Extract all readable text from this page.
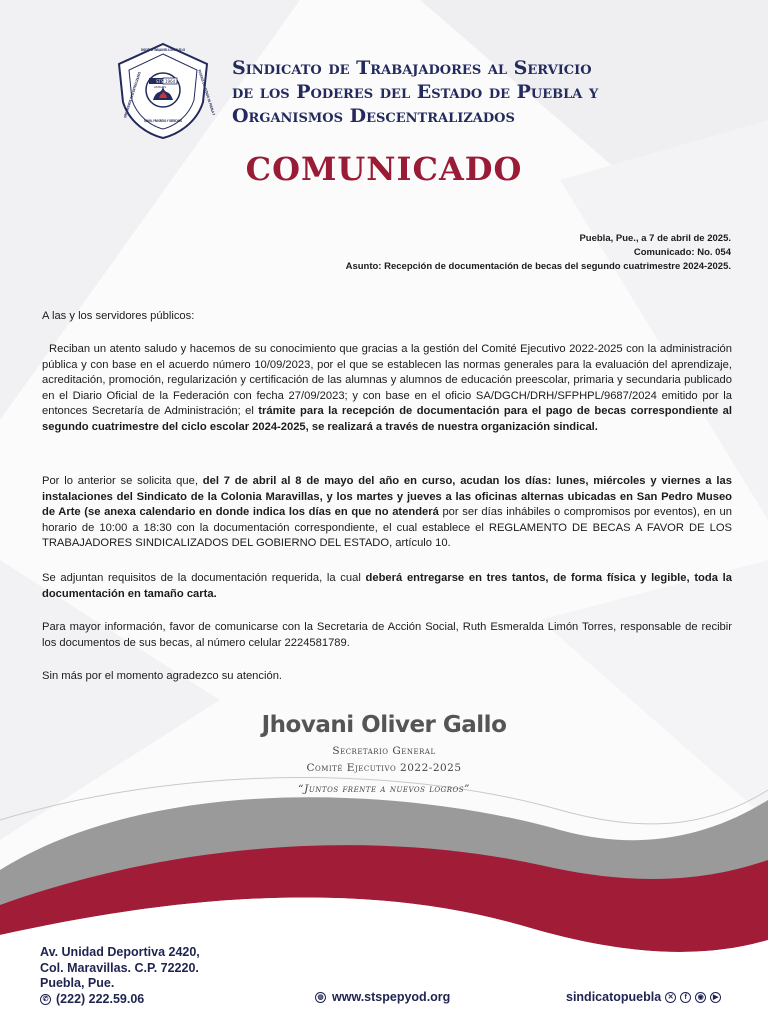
STSE
1964
AMIGOS
SINDICATO DE TRABAJADORES AL SERVICIO DE LOS
ORGANISMOS DESCENTRALIZADOS	PODERES DEL ESTADO DE PUEBLA Y
UNIÓN, PROGRESO Y DERECHOS
Sindicato de Trabajadores al Servicio
de los Poderes del Estado de Puebla y
Organismos Descentralizados
COMUNICADO
Puebla, Pue., a 7 de abril de 2025.
Comunicado: No. 054
Asunto: Recepción de documentación de becas del segundo cuatrimestre 2024-2025.
A las y los servidores públicos:
Reciban un atento saludo y hacemos de su conocimiento que gracias a la gestión del Comité Ejecutivo 2022-2025 con la administración pública y con base en el acuerdo número 10/09/2023, por el que se establecen las normas generales para la evaluación del aprendizaje, acreditación, promoción, regularización y certificación de las alumnas y alumnos de educación preescolar, primaria y secundaria publicado en el Diario Oficial de la Federación con fecha 27/09/2023; y con base en el oficio SA/DGCH/DRH/SFPHPL/9687/2024 emitido por la entonces Secretaría de Administración; el trámite para la recepción de documentación para el pago de becas correspondiente al segundo cuatrimestre del ciclo escolar 2024-2025, se realizará a través de nuestra organización sindical.
Por lo anterior se solicita que, del 7 de abril al 8 de mayo del año en curso, acudan los días: lunes, miércoles y viernes a las instalaciones del Sindicato de la Colonia Maravillas, y los martes y jueves a las oficinas alternas ubicadas en San Pedro Museo de Arte (se anexa calendario en donde indica los días en que no atenderá por ser días inhábiles o compromisos por eventos), en un horario de 10:00 a 18:30 con la documentación correspondiente, el cual establece el REGLAMENTO DE BECAS A FAVOR DE LOS TRABAJADORES SINDICALIZADOS DEL GOBIERNO DEL ESTADO, artículo 10.
Se adjuntan requisitos de la documentación requerida, la cual deberá entregarse en tres tantos, de forma física y legible, toda la documentación en tamaño carta.
Para mayor información, favor de comunicarse con la Secretaria de Acción Social, Ruth Esmeralda Limón Torres, responsable de recibir los documentos de sus becas, al número celular 2224581789.
Sin más por el momento agradezco su atención.
Jhovani Oliver Gallo
Secretario General
Comité Ejecutivo 2022-2025
“Juntos frente a nuevos logros”
Av. Unidad Deportiva 2420,
Col. Maravillas. C.P. 72220.
Puebla, Pue.
✆ (222) 222.59.06	◍ www.stspepyod.org	sindicatopuebla ✕	f	◉	▶
